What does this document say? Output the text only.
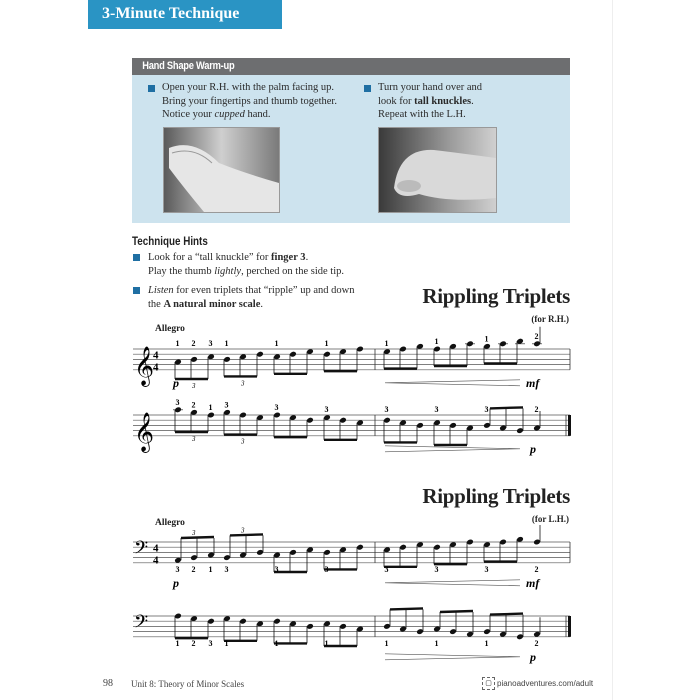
3-Minute Technique
Hand Shape Warm-up
Open your R.H. with the palm facing up.
Bring your fingertips and thumb together.
Notice your cupped hand.
Turn your hand over and
look for tall knuckles.
Repeat with the L.H.
Technique Hints
Look for a “tall knuckle” for finger 3.
Play the thumb lightly, perched on the side tip.
Listen for even triplets that “ripple” up and down
the A natural minor scale.	Rippling Triplets
(for R.H.)
Allegro
Rippling Triplets
(for L.H.)
Allegro
𝄞
4
4
3	3
1 2 3 1	1	1	1	1	1	2
p	mf
𝄞	3	3
3 2 1 3	3	3	3	3	3	2
p
𝄢 4
4
3	3
3 2 1 3	3	3	3	3	3	2
p	mf
𝄢
1 2 3 1	1	1	1	1	1	2
p
98 Unit 8: Theory of Minor Scales	▢ pianoadventures.com/adult
